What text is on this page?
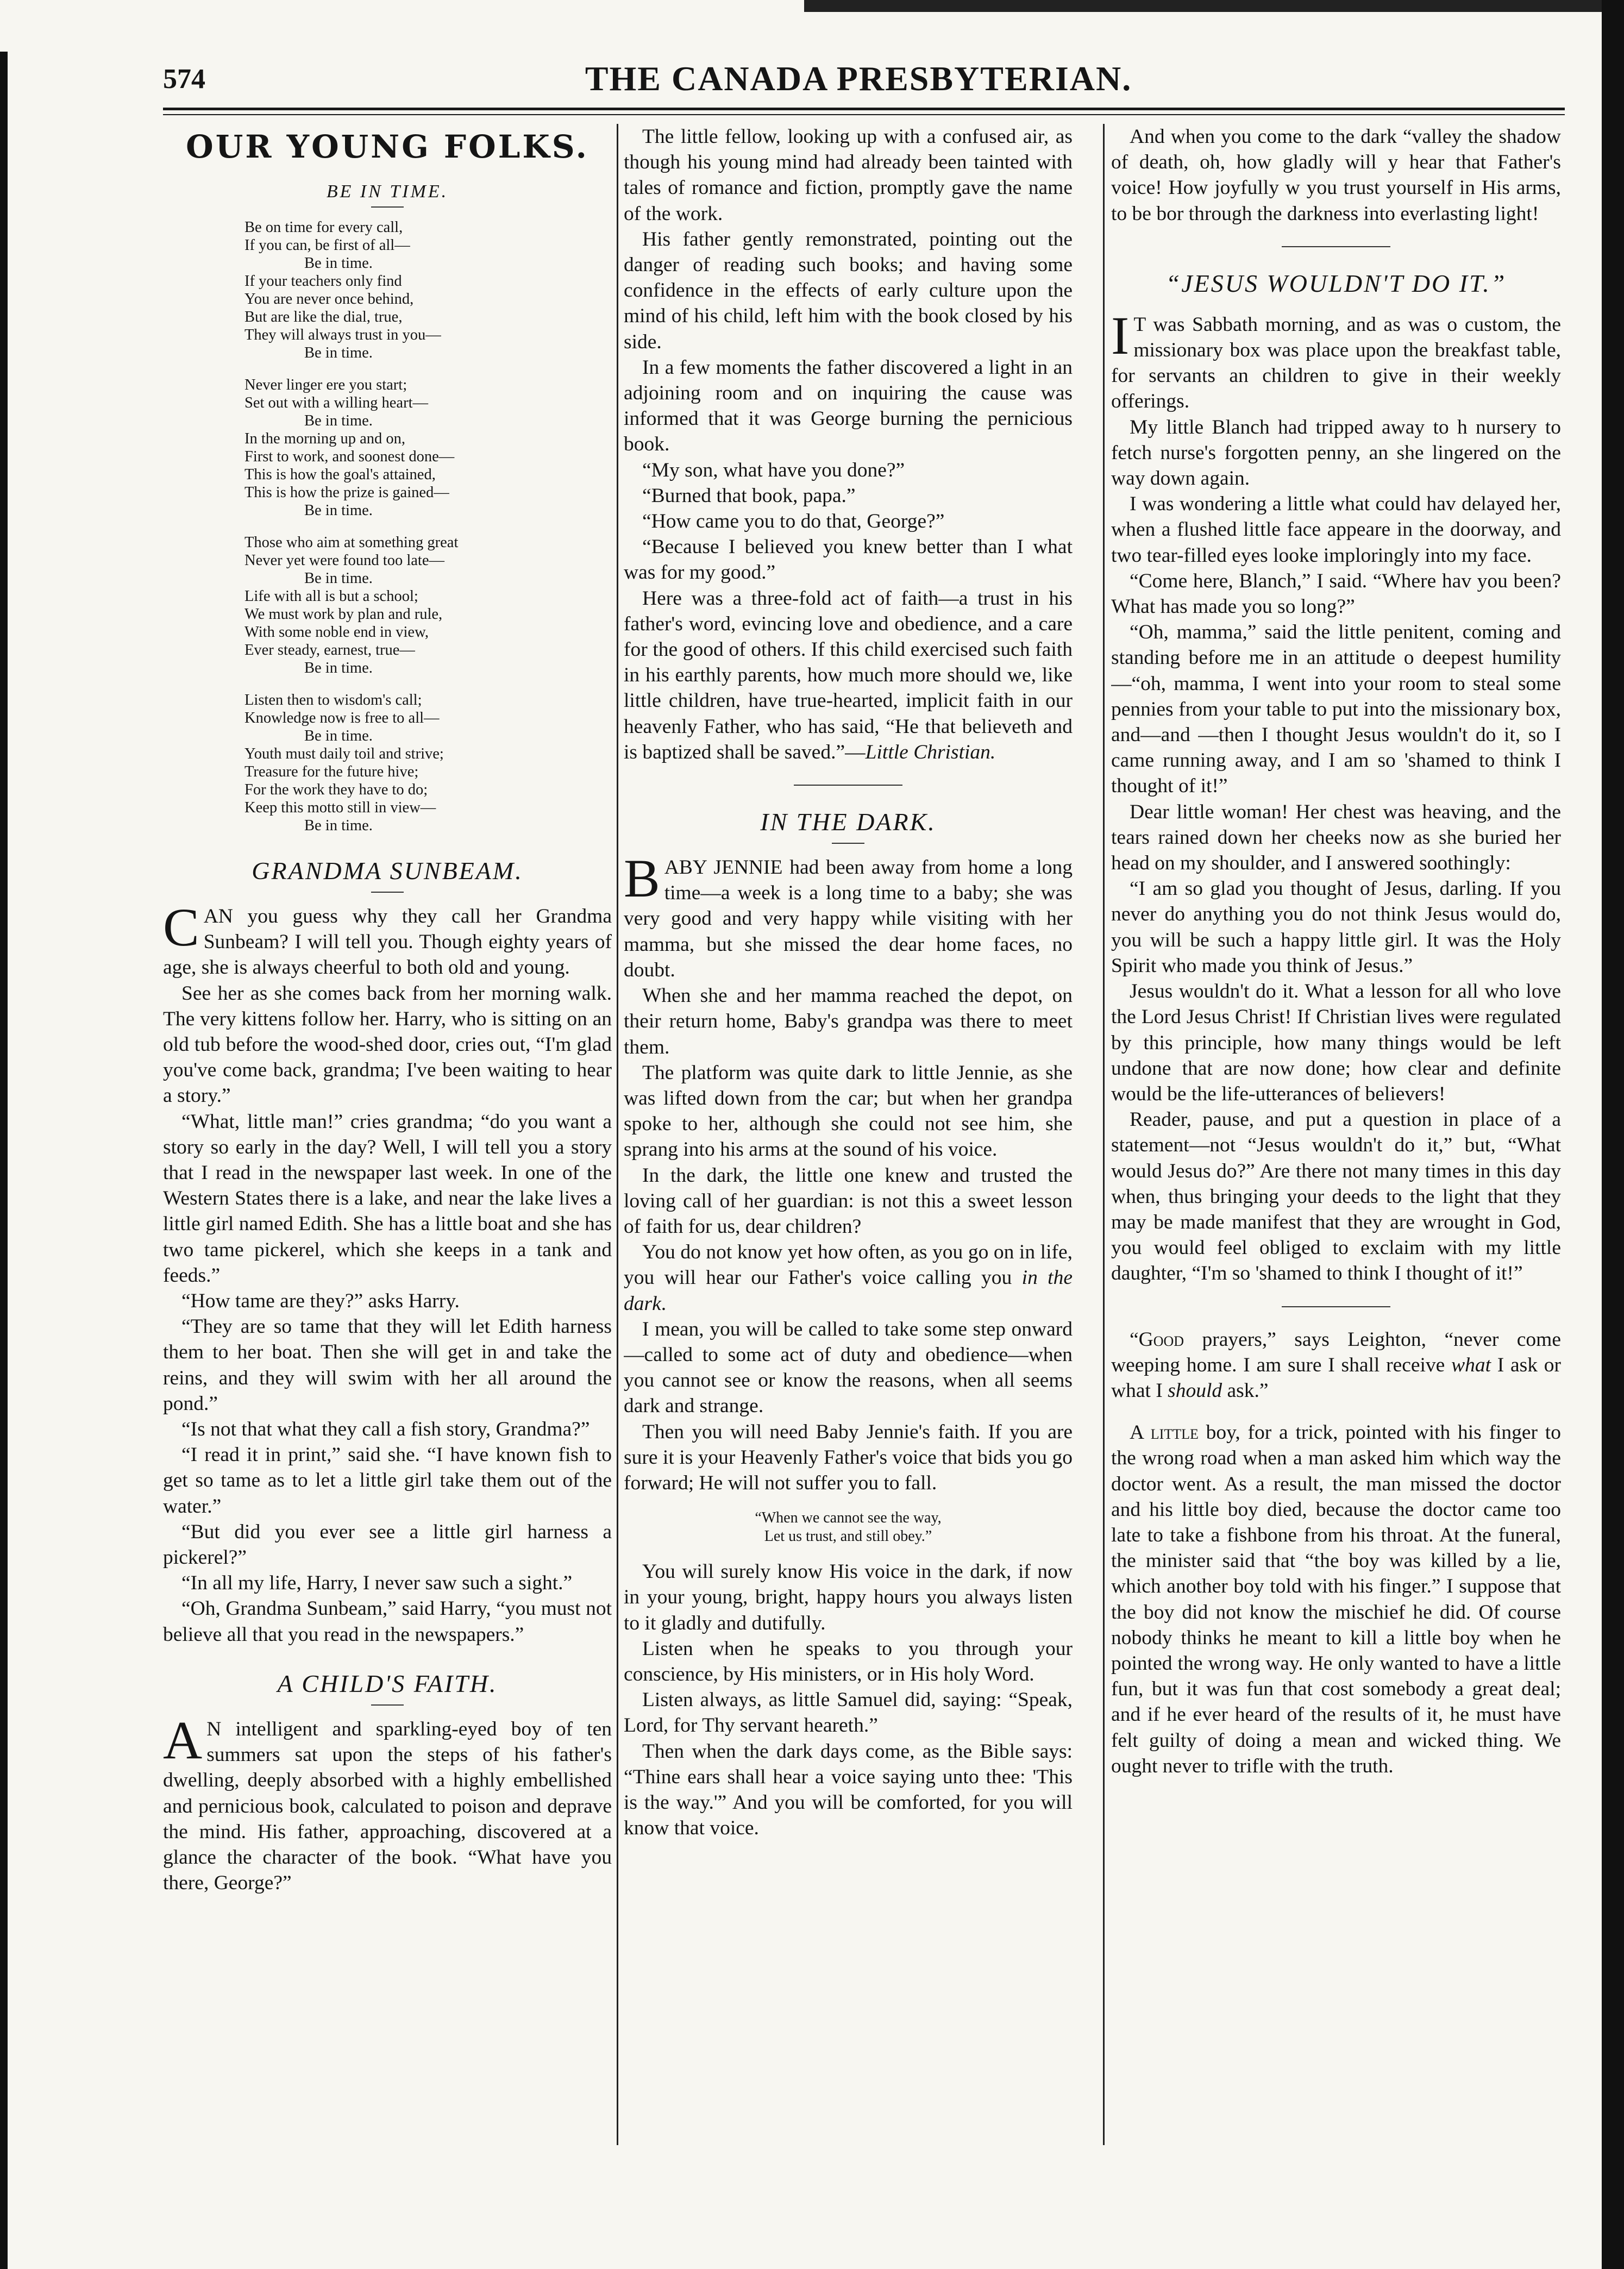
574	THE CANADA PRESBYTERIAN.
OUR YOUNG FOLKS.
BE IN TIME.
Be on time for every call,
If you can, be first of all—
Be in time.
If your teachers only find
You are never once behind,
But are like the dial, true,
They will always trust in you—
Be in time.
Never linger ere you start;
Set out with a willing heart—
Be in time.
In the morning up and on,
First to work, and soonest done—
This is how the goal's attained,
This is how the prize is gained—
Be in time.
Those who aim at something great
Never yet were found too late—
Be in time.
Life with all is but a school;
We must work by plan and rule,
With some noble end in view,
Ever steady, earnest, true—
Be in time.
Listen then to wisdom's call;
Knowledge now is free to all—
Be in time.
Youth must daily toil and strive;
Treasure for the future hive;
For the work they have to do;
Keep this motto still in view—
Be in time.
GRANDMA SUNBEAM.

CAN you guess why they call her Grandma Sunbeam? I will tell you. Though eighty years of age, she is always cheerful to both old and young.

See her as she comes back from her morning walk. The very kittens follow her. Harry, who is sitting on an old tub before the wood-shed door, cries out, “I'm glad you've come back, grandma; I've been waiting to hear a story.”

“What, little man!” cries grandma; “do you want a story so early in the day? Well, I will tell you a story that I read in the newspaper last week. In one of the Western States there is a lake, and near the lake lives a little girl named Edith. She has a little boat and she has two tame pickerel, which she keeps in a tank and feeds.”

“How tame are they?” asks Harry.

“They are so tame that they will let Edith harness them to her boat. Then she will get in and take the reins, and they will swim with her all around the pond.”

“Is not that what they call a fish story, Grandma?”

“I read it in print,” said she. “I have known fish to get so tame as to let a little girl take them out of the water.”

“But did you ever see a little girl harness a pickerel?”

“In all my life, Harry, I never saw such a sight.”

“Oh, Grandma Sunbeam,” said Harry, “you must not believe all that you read in the newspapers.”

A CHILD'S FAITH.

A N intelligent and sparkling-eyed boy of ten summers sat upon the steps of his father's dwelling, deeply absorbed with a highly embellished and pernicious book, calculated to poison and deprave the mind. His father, approaching, discovered at a glance the character of the book. “What have you there, George?”

The little fellow, looking up with a confused air, as though his young mind had already been tainted with tales of romance and fiction, promptly gave the name of the work.

His father gently remonstrated, pointing out the danger of reading such books; and having some confidence in the effects of early culture upon the mind of his child, left him with the book closed by his side.

In a few moments the father discovered a light in an adjoining room and on inquiring the cause was informed that it was George burning the pernicious book.

“My son, what have you done?”

“Burned that book, papa.”

“How came you to do that, George?”

“Because I believed you knew better than I what was for my good.”

Here was a three-fold act of faith—a trust in his father's word, evincing love and obedience, and a care for the good of others. If this child exercised such faith in his earthly parents, how much more should we, like little children, have true-hearted, implicit faith in our heavenly Father, who has said, “He that believeth and is baptized shall be saved.”—Little Christian.

IN THE DARK.

BABY JENNIE had been away from home a long time—a week is a long time to a baby; she was very good and very happy while visiting with her mamma, but she missed the dear home faces, no doubt.

When she and her mamma reached the depot, on their return home, Baby's grandpa was there to meet them.

The platform was quite dark to little Jennie, as she was lifted down from the car; but when her grandpa spoke to her, although she could not see him, she sprang into his arms at the sound of his voice.

In the dark, the little one knew and trusted the loving call of her guardian: is not this a sweet lesson of faith for us, dear children?

You do not know yet how often, as you go on in life, you will hear our Father's voice calling you in the dark.

I mean, you will be called to take some step onward—called to some act of duty and obedience—when you cannot see or know the reasons, when all seems dark and strange.

Then you will need Baby Jennie's faith. If you are sure it is your Heavenly Father's voice that bids you go forward; He will not suffer you to fall.

“When we cannot see the way,
Let us trust, and still obey.”

You will surely know His voice in the dark, if now in your young, bright, happy hours you always listen to it gladly and dutifully.

Listen when he speaks to you through your conscience, by His ministers, or in His holy Word.

Listen always, as little Samuel did, saying: “Speak, Lord, for Thy servant heareth.”

Then when the dark days come, as the Bible says: “Thine ears shall hear a voice saying unto thee: 'This is the way.'” And you will be comforted, for you will know that voice.

And when you come to the dark “valley the shadow of death, oh, how gladly will y hear that Father's voice! How joyfully w you trust yourself in His arms, to be bor through the darkness into everlasting light!

“JESUS WOULDN'T DO IT.”

I T was Sabbath morning, and as was o custom, the missionary box was place upon the breakfast table, for servants an children to give in their weekly offerings.

My little Blanch had tripped away to h nursery to fetch nurse's forgotten penny, an she lingered on the way down again.

I was wondering a little what could hav delayed her, when a flushed little face appeare in the doorway, and two tear-filled eyes looke imploringly into my face.

“Come here, Blanch,” I said. “Where hav you been? What has made you so long?”

“Oh, mamma,” said the little penitent, coming and standing before me in an attitude o deepest humility—“oh, mamma, I went into your room to steal some pennies from your table to put into the missionary box, and—and —then I thought Jesus wouldn't do it, so I came running away, and I am so 'shamed to think I thought of it!”

Dear little woman! Her chest was heaving, and the tears rained down her cheeks now as she buried her head on my shoulder, and I answered soothingly:

“I am so glad you thought of Jesus, darling. If you never do anything you do not think Jesus would do, you will be such a happy little girl. It was the Holy Spirit who made you think of Jesus.”

Jesus wouldn't do it. What a lesson for all who love the Lord Jesus Christ! If Christian lives were regulated by this principle, how many things would be left undone that are now done; how clear and definite would be the life-utterances of believers!

Reader, pause, and put a question in place of a statement—not “Jesus wouldn't do it,” but, “What would Jesus do?” Are there not many times in this day when, thus bringing your deeds to the light that they may be made manifest that they are wrought in God, you would feel obliged to exclaim with my little daughter, “I'm so 'shamed to think I thought of it!”

“Good prayers,” says Leighton, “never come weeping home. I am sure I shall receive what I ask or what I should ask.”

A little boy, for a trick, pointed with his finger to the wrong road when a man asked him which way the doctor went. As a result, the man missed the doctor and his little boy died, because the doctor came too late to take a fishbone from his throat. At the funeral, the minister said that “the boy was killed by a lie, which another boy told with his finger.” I suppose that the boy did not know the mischief he did. Of course nobody thinks he meant to kill a little boy when he pointed the wrong way. He only wanted to have a little fun, but it was fun that cost somebody a great deal; and if he ever heard of the results of it, he must have felt guilty of doing a mean and wicked thing. We ought never to trifle with the truth.
